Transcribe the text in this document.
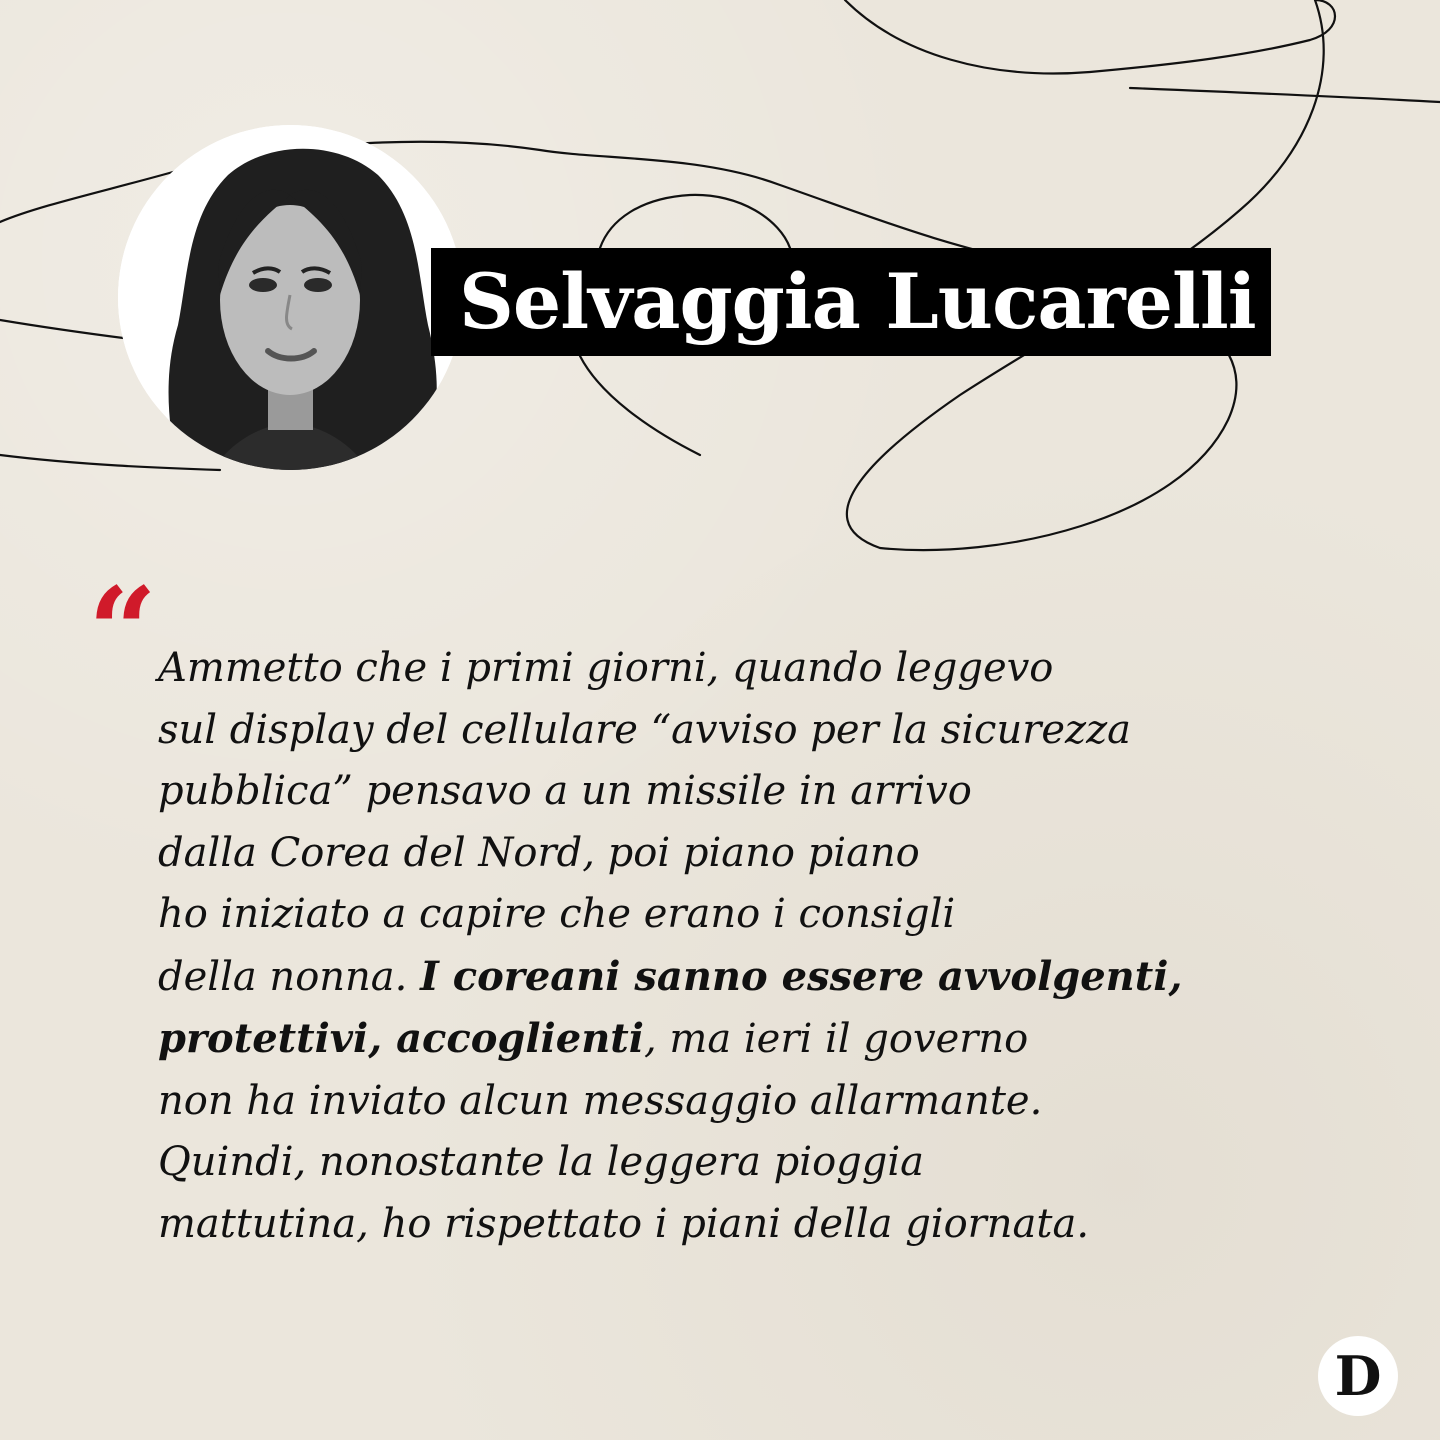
Selvaggia Lucarelli
“ Ammetto che i primi giorni, quando leggevo
sul display del cellulare “avviso per la sicurezza
pubblica” pensavo a un missile in arrivo
dalla Corea del Nord, poi piano piano
ho iniziato a capire che erano i consigli
della nonna. I coreani sanno essere avvolgenti,
protettivi, accoglienti, ma ieri il governo
non ha inviato alcun messaggio allarmante.
Quindi, nonostante la leggera pioggia
mattutina, ho rispettato i piani della giornata.
D
